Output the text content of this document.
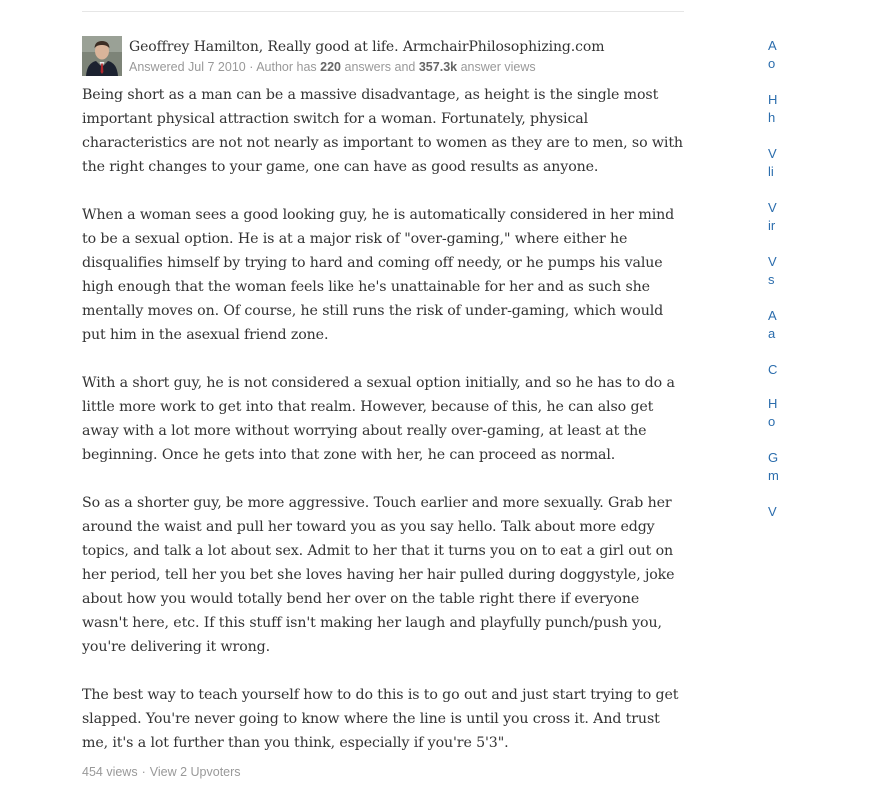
Geoffrey Hamilton, Really good at life. ArmchairPhilosophizing.com
Answered Jul 7 2010 · Author has 220 answers and 357.3k answer views

Being short as a man can be a massive disadvantage, as height is the single most important physical attraction switch for a woman. Fortunately, physical characteristics are not not nearly as important to women as they are to men, so with the right changes to your game, one can have as good results as anyone.

When a woman sees a good looking guy, he is automatically considered in her mind to be a sexual option. He is at a major risk of "over-gaming," where either he disqualifies himself by trying to hard and coming off needy, or he pumps his value high enough that the woman feels like he's unattainable for her and as such she mentally moves on. Of course, he still runs the risk of under-gaming, which would put him in the asexual friend zone.

With a short guy, he is not considered a sexual option initially, and so he has to do a little more work to get into that realm. However, because of this, he can also get away with a lot more without worrying about really over-gaming, at least at the beginning. Once he gets into that zone with her, he can proceed as normal.

So as a shorter guy, be more aggressive. Touch earlier and more sexually. Grab her around the waist and pull her toward you as you say hello. Talk about more edgy topics, and talk a lot about sex. Admit to her that it turns you on to eat a girl out on her period, tell her you bet she loves having her hair pulled during doggystyle, joke about how you would totally bend her over on the table right there if everyone wasn't here, etc. If this stuff isn't making her laugh and playfully punch/push you, you're delivering it wrong.

The best way to teach yourself how to do this is to go out and just start trying to get slapped. You're never going to know where the line is until you cross it. And trust me, it's a lot further than you think, especially if you're 5'3".

454 views · View 2 Upvoters
A
o
H
h
V
li
V
ir
V
s
A
a
C
H
o
G
m
V
